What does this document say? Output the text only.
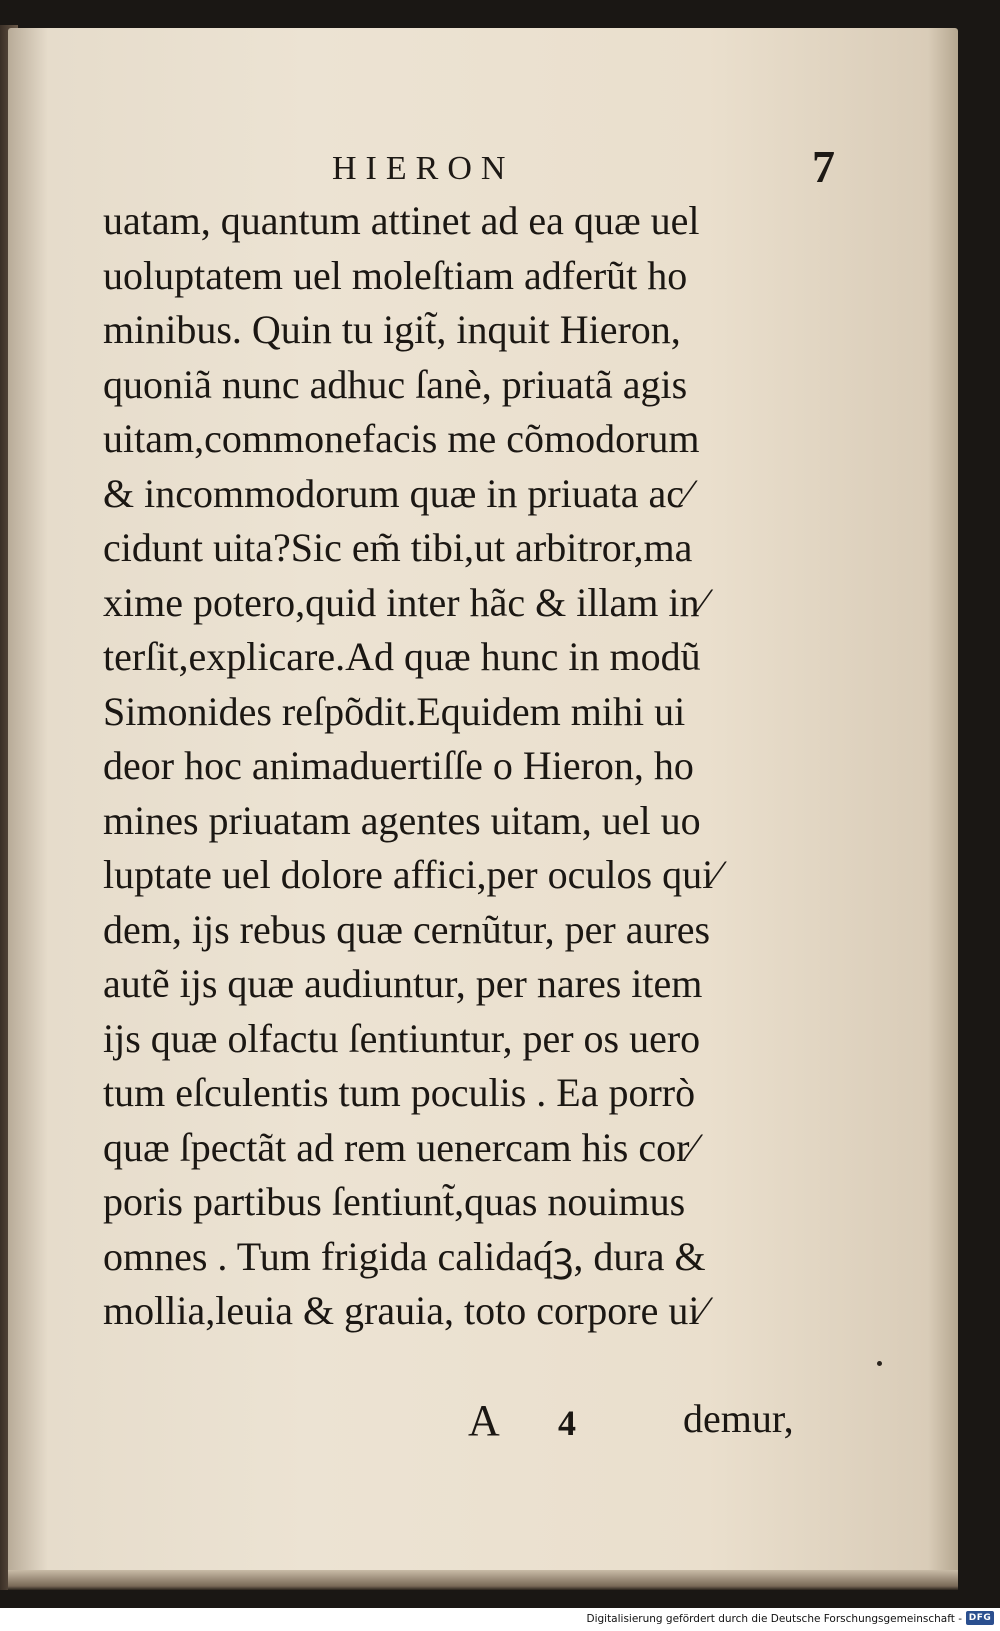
HIERON	7
uatam, quantum attinet ad ea quæ uel
uoluptatem uel moleſtiam adferũt ho
minibus. Quin tu igit̃, inquit Hieron,
quoniã nunc adhuc ſanè, priuatã agis
uitam,commonefacis me cõmodorum
& incommodorum quæ in priuata ac⁄
cidunt uita?Sic em̃ tibi,ut arbitror,ma
xime potero,quid inter hãc & illam in⁄
terſit,explicare.Ad quæ hunc in modũ
Simonides reſpõdit.Equidem mihi ui
deor hoc animaduertiſſe o Hieron, ho
mines priuatam agentes uitam, uel uo
luptate uel dolore affici,per oculos qui⁄
dem, ijs rebus quæ cernũtur, per aures
autẽ ijs quæ audiuntur, per nares item
ijs quæ olfactu ſentiuntur, per os uero
tum eſculentis tum poculis . Ea porrò
quæ ſpectãt ad rem uenercam his cor⁄
poris partibus ſentiunt̃,quas nouimus
omnes . Tum frigida calidaq́ꝫ, dura &
mollia,leuia & grauia, toto corpore ui⁄
A 4	demur,
Digitalisierung gefördert durch die Deutsche Forschungsgemeinschaft - DFG
